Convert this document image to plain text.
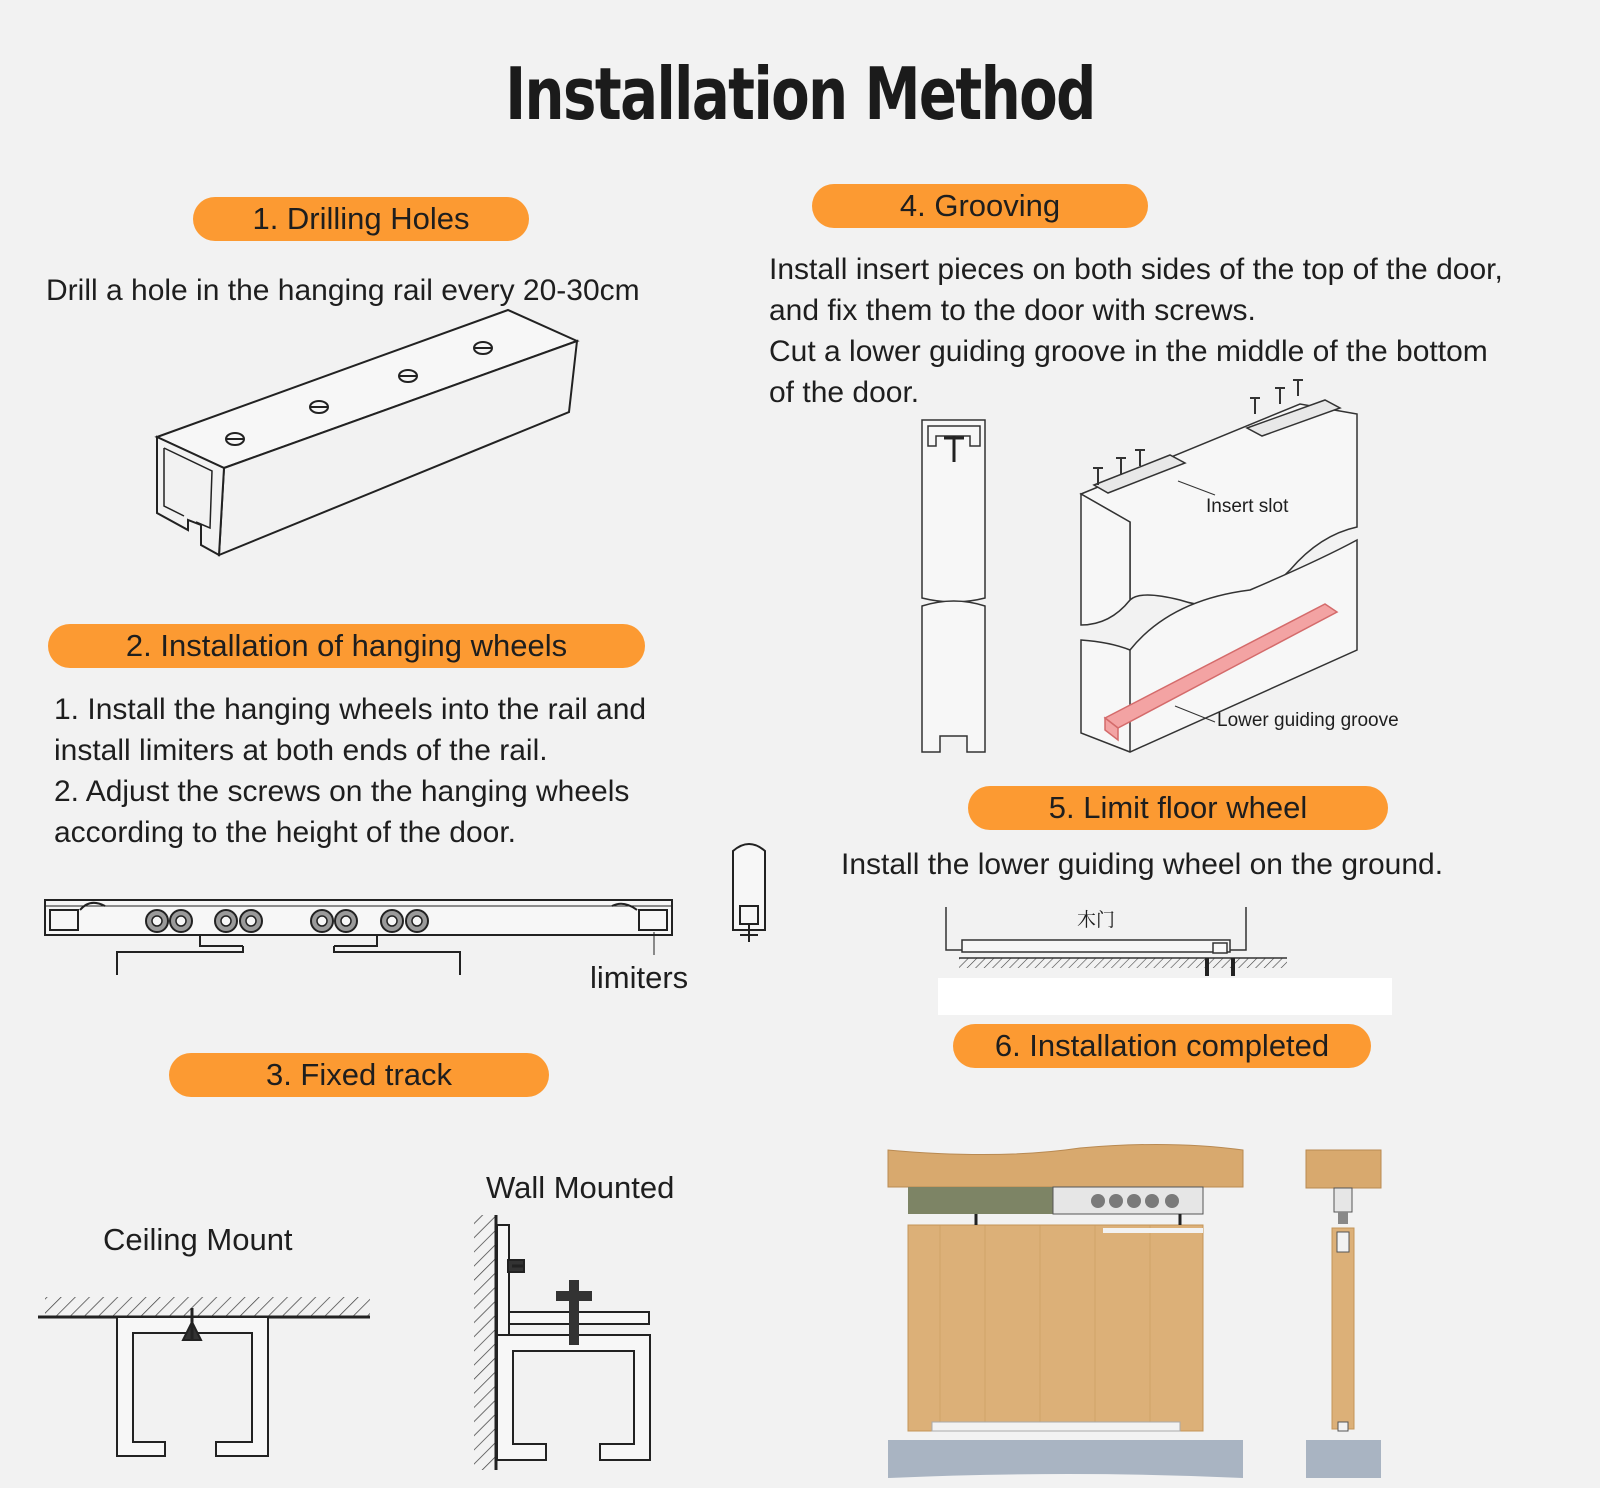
Installation Method
1. Drilling Holes
Drill a hole in the hanging rail every 20-30cm
2. Installation of hanging wheels
1. Install the hanging wheels into the rail and
install limiters at both ends of the rail.
2. Adjust the screws on the hanging wheels
according to the height of the door.
limiters
3. Fixed track
Wall Mounted
Ceiling Mount
4. Grooving
Install insert pieces on both sides of the top of the door,
and fix them to the door with screws.
Cut a lower guiding groove in the middle of the bottom
of the door.
Insert slot
Lower guiding groove
5. Limit floor wheel
Install the lower guiding wheel on the ground.
木门
6. Installation completed
